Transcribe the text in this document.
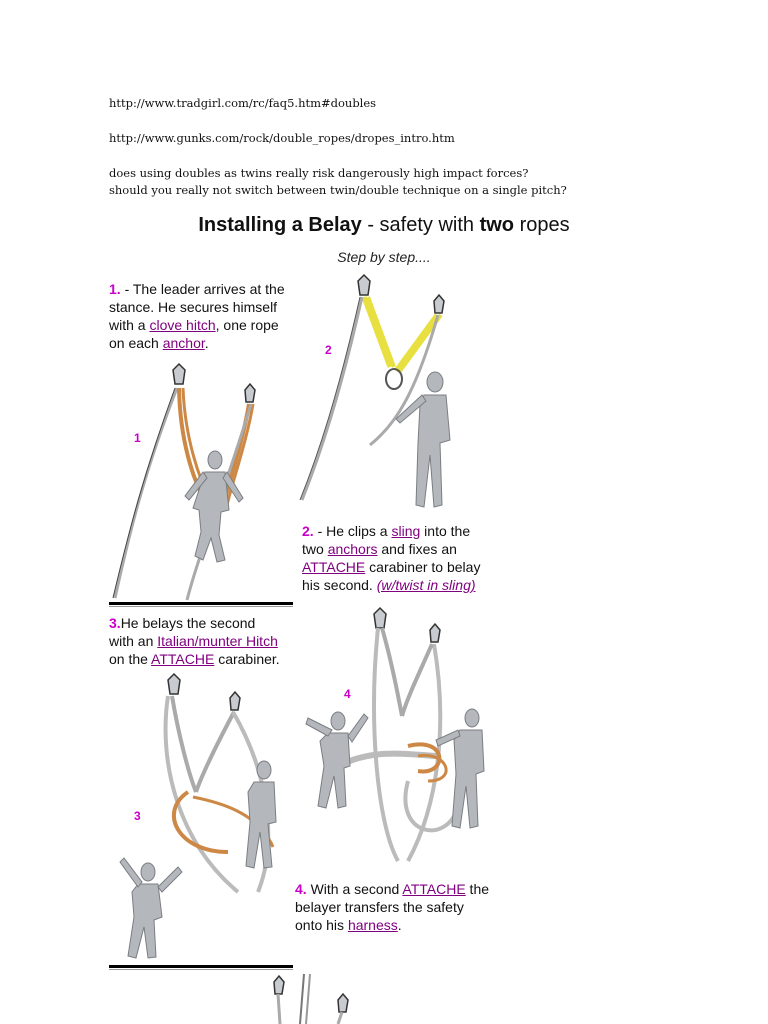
http://www.tradgirl.com/rc/faq5.htm#doubles

http://www.gunks.com/rock/double_ropes/dropes_intro.htm

does using doubles as twins really risk dangerously high impact forces?

should you really not switch between twin/double technique on a single pitch?

Installing a Belay - safety with two ropes
Step by step....
1. - The leader arrives at the
stance. He secures himself
with a clove hitch, one rope
on each anchor.
1
2
2. - He clips a sling into the
two anchors and fixes an
ATTACHE carabiner to belay
his second. (w/twist in sling)
3.He belays the second
with an Italian/munter Hitch
on the ATTACHE carabiner.
3
4
4. With a second ATTACHE the
belayer transfers the safety
onto his harness.
